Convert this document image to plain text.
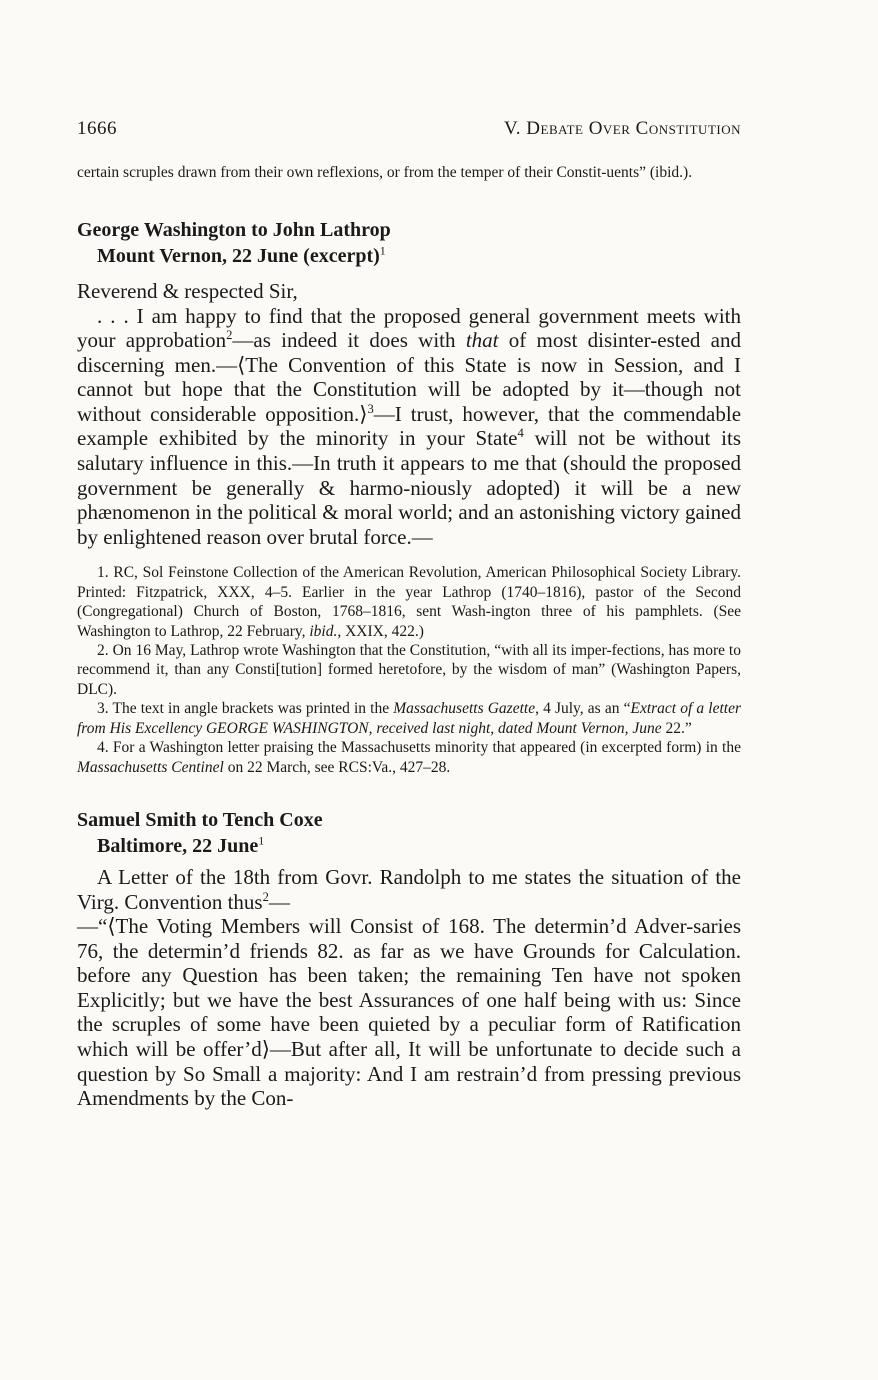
1666	V. Debate Over Constitution
certain scruples drawn from their own reflexions, or from the temper of their Constit-uents” (ibid.).
George Washington to John Lathrop
Mount Vernon, 22 June (excerpt)$^1$
Reverend & respected Sir,

. . . I am happy to find that the proposed general government meets with your approbation$^2$—as indeed it does with that of most disinter-ested and discerning men.—⟨The Convention of this State is now in Session, and I cannot but hope that the Constitution will be adopted by it—though not without considerable opposition.⟩$^3$—I trust, however, that the commendable example exhibited by the minority in your State$^4$ will not be without its salutary influence in this.—In truth it appears to me that (should the proposed government be generally & harmo-niously adopted) it will be a new phænomenon in the political & moral world; and an astonishing victory gained by enlightened reason over brutal force.—

1. RC, Sol Feinstone Collection of the American Revolution, American Philosophical Society Library. Printed: Fitzpatrick, XXX, 4–5. Earlier in the year Lathrop (1740–1816), pastor of the Second (Congregational) Church of Boston, 1768–1816, sent Wash-ington three of his pamphlets. (See Washington to Lathrop, 22 February, ibid., XXIX, 422.)

2. On 16 May, Lathrop wrote Washington that the Constitution, “with all its imper-fections, has more to recommend it, than any Consti[tution] formed heretofore, by the wisdom of man” (Washington Papers, DLC).

3. The text in angle brackets was printed in the Massachusetts Gazette, 4 July, as an “Extract of a letter from His Excellency GEORGE WASHINGTON, received last night, dated Mount Vernon, June 22.”

4. For a Washington letter praising the Massachusetts minority that appeared (in excerpted form) in the Massachusetts Centinel on 22 March, see RCS:Va., 427–28.

Samuel Smith to Tench Coxe
Baltimore, 22 June$^1$

A Letter of the 18th from Govr. Randolph to me states the situation of the Virg. Convention thus$^2$—

—“⟨The Voting Members will Consist of 168. The determin’d Adver-saries 76, the determin’d friends 82. as far as we have Grounds for Calculation. before any Question has been taken; the remaining Ten have not spoken Explicitly; but we have the best Assurances of one half being with us: Since the scruples of some have been quieted by a peculiar form of Ratification which will be offer’d⟩—But after all, It will be unfortunate to decide such a question by So Small a majority: And I am restrain’d from pressing previous Amendments by the Con-
